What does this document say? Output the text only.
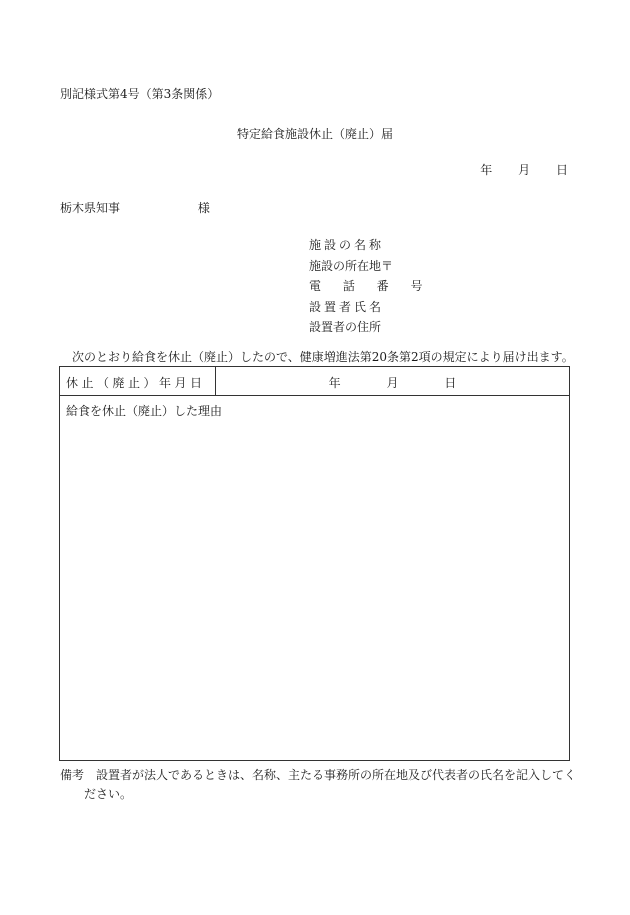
別記様式第4号（第3条関係）
特定給食施設休止（廃止）届
年 月 日
栃木県知事	様
施設の名称
施設の所在地〒
電 話 番 号
設置者氏名
設置者の住所
次のとおり給食を休止（廃止）したので、健康増進法第20条第2項の規定により届け出ます。
休止（廃止）年月日	年	月	日
給食を休止（廃止）した理由
備考 設置者が法人であるときは、名称、主たる事務所の所在地及び代表者の氏名を記入してく
ださい。
